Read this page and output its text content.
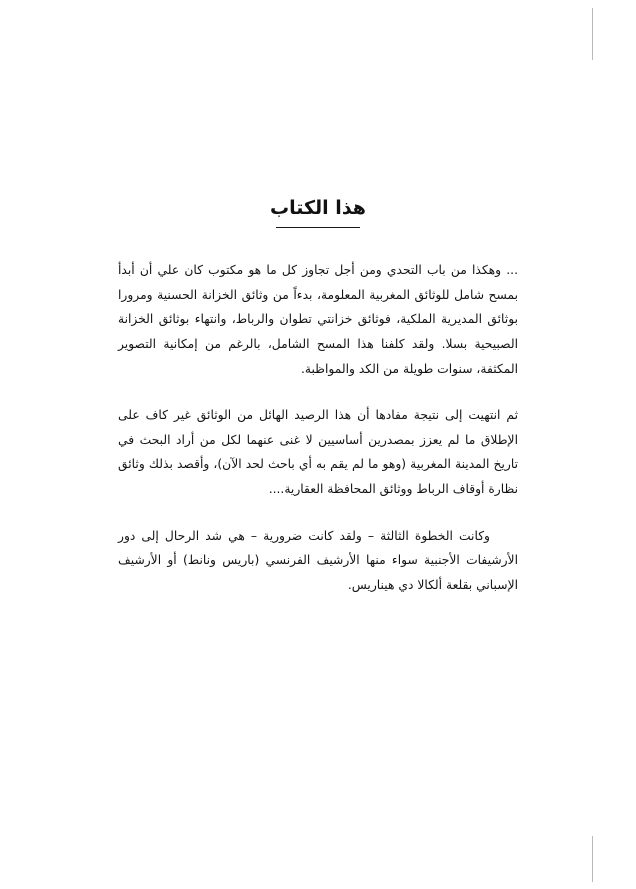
هذا الكتاب

... وهكذا من باب التحدي ومن أجل تجاوز كل ما هو مكتوب كان علي أن أبدأ بمسح شامل للوثائق المغربية المعلومة، بدءاً من وثائق الخزانة الحسنية ومرورا بوثائق المديرية الملكية، فوثائق خزانتي تطوان والرباط، وانتهاء بوثائق الخزانة الصبيحية بسلا. ولقد كلفنا هذا المسح الشامل، بالرغم من إمكانية التصوير المكثفة، سنوات طويلة من الكد والمواظبة.

ثم انتهيت إلى نتيجة مفادها أن هذا الرصيد الهائل من الوثائق غير كاف على الإطلاق ما لم يعزز بمصدرين أساسيين لا غنى عنهما لكل من أراد البحث في تاريخ المدينة المغربية (وهو ما لم يقم به أي باحث لحد الآن)، وأقصد بذلك وثائق نظارة أوقاف الرباط ووثائق المحافظة العقارية....

وكانت الخطوة الثالثة – ولقد كانت ضرورية – هي شد الرحال إلى دور الأرشيفات الأجنبية سواء منها الأرشيف الفرنسي (باريس ونانط) أو الأرشيف الإسباني بقلعة ألكالا دي هيناريس.
